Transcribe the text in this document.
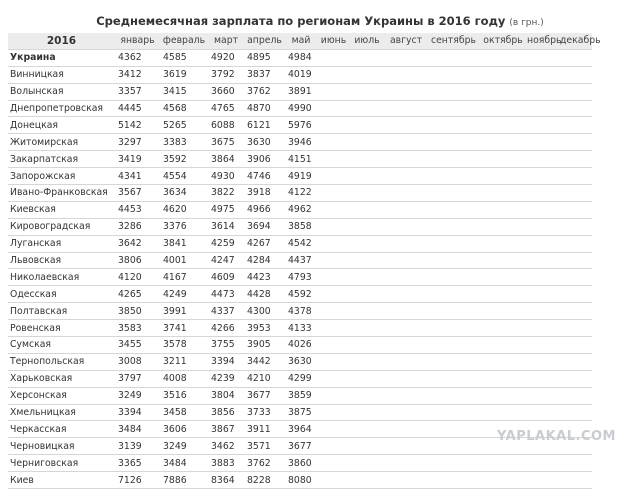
Среднемесячная зарплата по регионам Украины в 2016 году (в грн.)
2016	январь	февраль	март	апрель	май	июнь	июль	август	сентябрь	октябрь	ноябрь	декабрь
Украина	4362	4585	4920	4895	4984							
Винницкая	3412	3619	3792	3837	4019							
Волынская	3357	3415	3660	3762	3891							
Днепропетровская	4445	4568	4765	4870	4990							
Донецкая	5142	5265	6088	6121	5976							
Житомирская	3297	3383	3675	3630	3946							
Закарпатская	3419	3592	3864	3906	4151							
Запорожская	4341	4554	4930	4746	4919							
Ивано-Франковская	3567	3634	3822	3918	4122							
Киевская	4453	4620	4975	4966	4962							
Кировоградская	3286	3376	3614	3694	3858							
Луганская	3642	3841	4259	4267	4542							
Львовская	3806	4001	4247	4284	4437							
Николаевская	4120	4167	4609	4423	4793							
Одесская	4265	4249	4473	4428	4592							
Полтавская	3850	3991	4337	4300	4378							
Ровенская	3583	3741	4266	3953	4133							
Сумская	3455	3578	3755	3905	4026							
Тернопольская	3008	3211	3394	3442	3630							
Харьковская	3797	4008	4239	4210	4299							
Херсонская	3249	3516	3804	3677	3859							
Хмельницкая	3394	3458	3856	3733	3875							
Черкасская	3484	3606	3867	3911	3964							
Черновицкая	3139	3249	3462	3571	3677							
Черниговская	3365	3484	3883	3762	3860							
Киев	7126	7886	8364	8228	8080							
YAPLAKAL.COM
